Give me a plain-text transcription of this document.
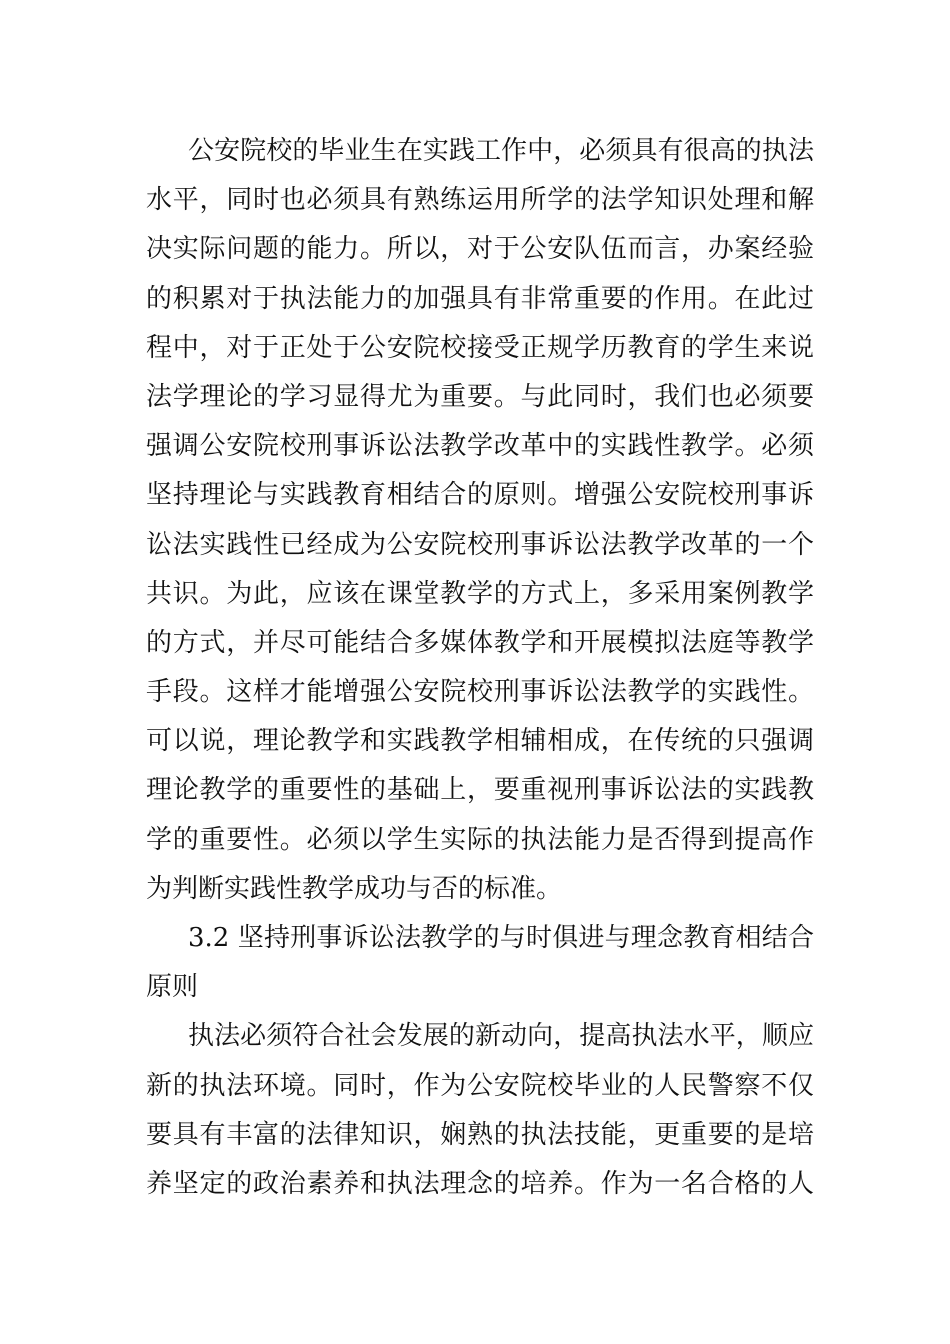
公安院校的毕业生在实践工作中，必须具有很高的执法
水平，同时也必须具有熟练运用所学的法学知识处理和解
决实际问题的能力。所以，对于公安队伍而言，办案经验
的积累对于执法能力的加强具有非常重要的作用。在此过
程中，对于正处于公安院校接受正规学历教育的学生来说
法学理论的学习显得尤为重要。与此同时，我们也必须要
强调公安院校刑事诉讼法教学改革中的实践性教学。必须
坚持理论与实践教育相结合的原则。增强公安院校刑事诉
讼法实践性已经成为公安院校刑事诉讼法教学改革的一个
共识。为此，应该在课堂教学的方式上，多采用案例教学
的方式，并尽可能结合多媒体教学和开展模拟法庭等教学
手段。这样才能增强公安院校刑事诉讼法教学的实践性。
可以说，理论教学和实践教学相辅相成，在传统的只强调
理论教学的重要性的基础上，要重视刑事诉讼法的实践教
学的重要性。必须以学生实际的执法能力是否得到提高作
为判断实践性教学成功与否的标准。
3.2 坚持刑事诉讼法教学的与时俱进与理念教育相结合
原则
执法必须符合社会发展的新动向，提高执法水平，顺应
新的执法环境。同时，作为公安院校毕业的人民警察不仅
要具有丰富的法律知识，娴熟的执法技能，更重要的是培
养坚定的政治素养和执法理念的培养。作为一名合格的人
